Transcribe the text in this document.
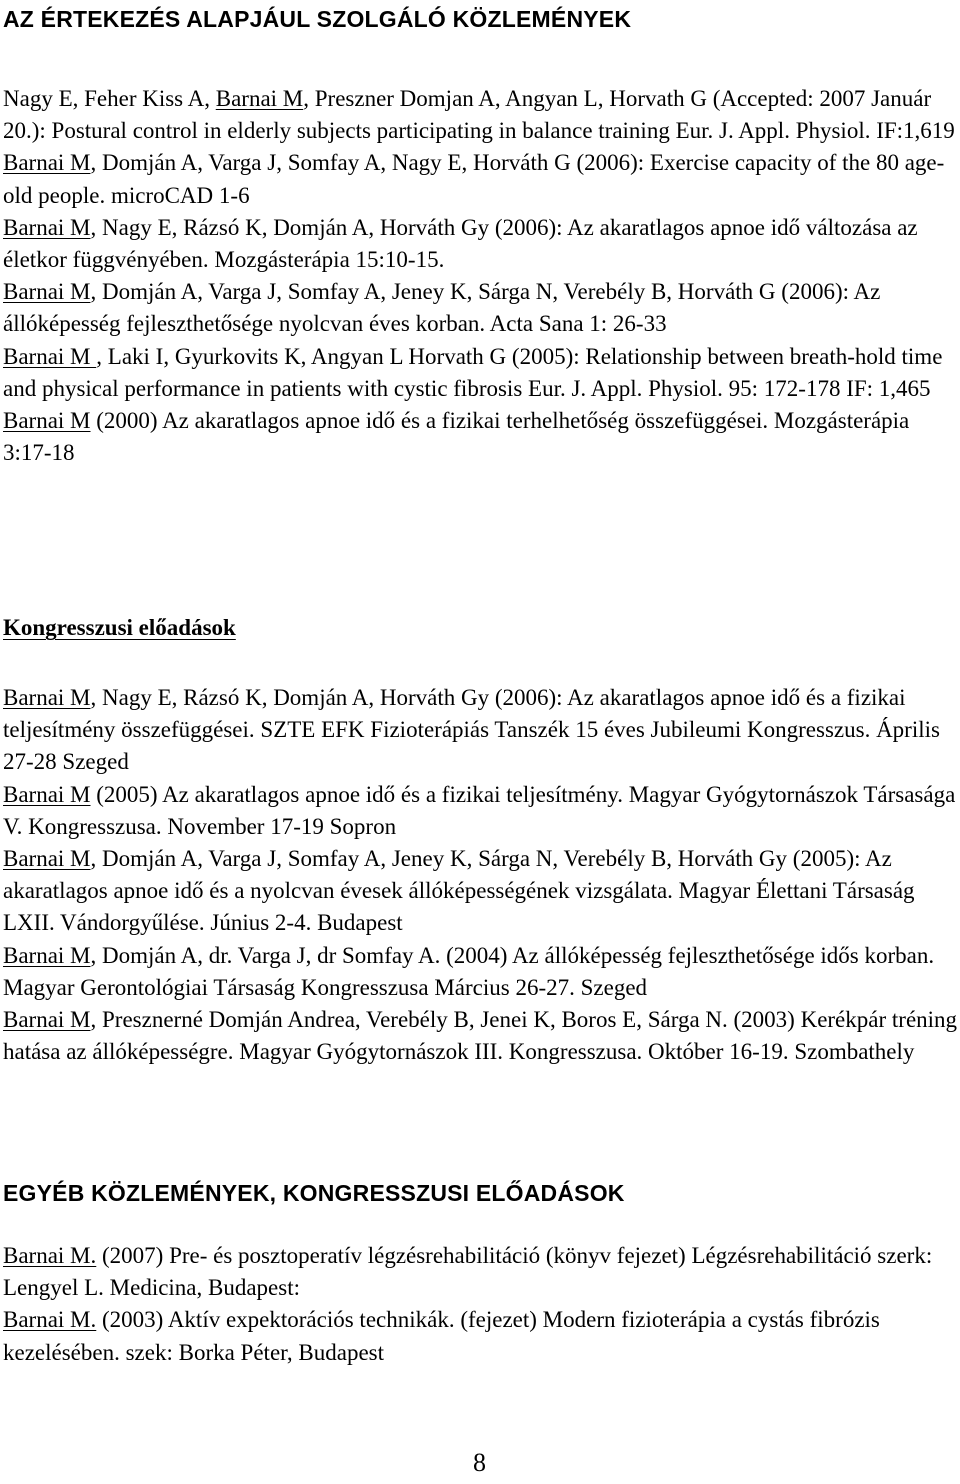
AZ ÉRTEKEZÉS ALAPJÁUL SZOLGÁLÓ KÖZLEMÉNYEK

Nagy E, Feher Kiss A, Barnai M, Preszner Domjan A, Angyan L, Horvath G (Accepted: 2007 Január 20.): Postural control in elderly subjects participating in balance training Eur. J. Appl. Physiol. IF:1,619

Barnai M, Domján A, Varga J, Somfay A, Nagy E, Horváth G (2006): Exercise capacity of the 80 age-old people. microCAD 1-6

Barnai M, Nagy E, Rázsó K, Domján A, Horváth Gy (2006): Az akaratlagos apnoe idő változása az életkor függvényében. Mozgásterápia 15:10-15.

Barnai M, Domján A, Varga J, Somfay A, Jeney K, Sárga N, Verebély B, Horváth G (2006): Az állóképesség fejleszthetősége nyolcvan éves korban. Acta Sana 1: 26-33

Barnai M , Laki I, Gyurkovits K, Angyan L Horvath G (2005): Relationship between breath-hold time and physical performance in patients with cystic fibrosis Eur. J. Appl. Physiol. 95: 172-178 IF: 1,465

Barnai M (2000) Az akaratlagos apnoe idő és a fizikai terhelhetőség összefüggései. Mozgásterápia 3:17-18

Kongresszusi előadások

Barnai M, Nagy E, Rázsó K, Domján A, Horváth Gy (2006): Az akaratlagos apnoe idő és a fizikai teljesítmény összefüggései. SZTE EFK Fizioterápiás Tanszék 15 éves Jubileumi Kongresszus. Április 27-28 Szeged

Barnai M (2005) Az akaratlagos apnoe idő és a fizikai teljesítmény. Magyar Gyógytornászok Társasága V. Kongresszusa. November 17-19 Sopron

Barnai M, Domján A, Varga J, Somfay A, Jeney K, Sárga N, Verebély B, Horváth Gy (2005): Az akaratlagos apnoe idő és a nyolcvan évesek állóképességének vizsgálata. Magyar Élettani Társaság LXII. Vándorgyűlése. Június 2-4. Budapest

Barnai M, Domján A, dr. Varga J, dr Somfay A. (2004) Az állóképesség fejleszthetősége idős korban. Magyar Gerontológiai Társaság Kongresszusa Március 26-27. Szeged

Barnai M, Presznerné Domján Andrea, Verebély B, Jenei K, Boros E, Sárga N. (2003) Kerékpár tréning hatása az állóképességre. Magyar Gyógytornászok III. Kongresszusa. Október 16-19. Szombathely

EGYÉB KÖZLEMÉNYEK, KONGRESSZUSI ELŐADÁSOK

Barnai M. (2007) Pre- és posztoperatív légzésrehabilitáció (könyv fejezet) Légzésrehabilitáció szerk: Lengyel L. Medicina, Budapest:

Barnai M. (2003) Aktív expektorációs technikák. (fejezet) Modern fizioterápia a cystás fibrózis kezelésében. szek: Borka Péter, Budapest

8
